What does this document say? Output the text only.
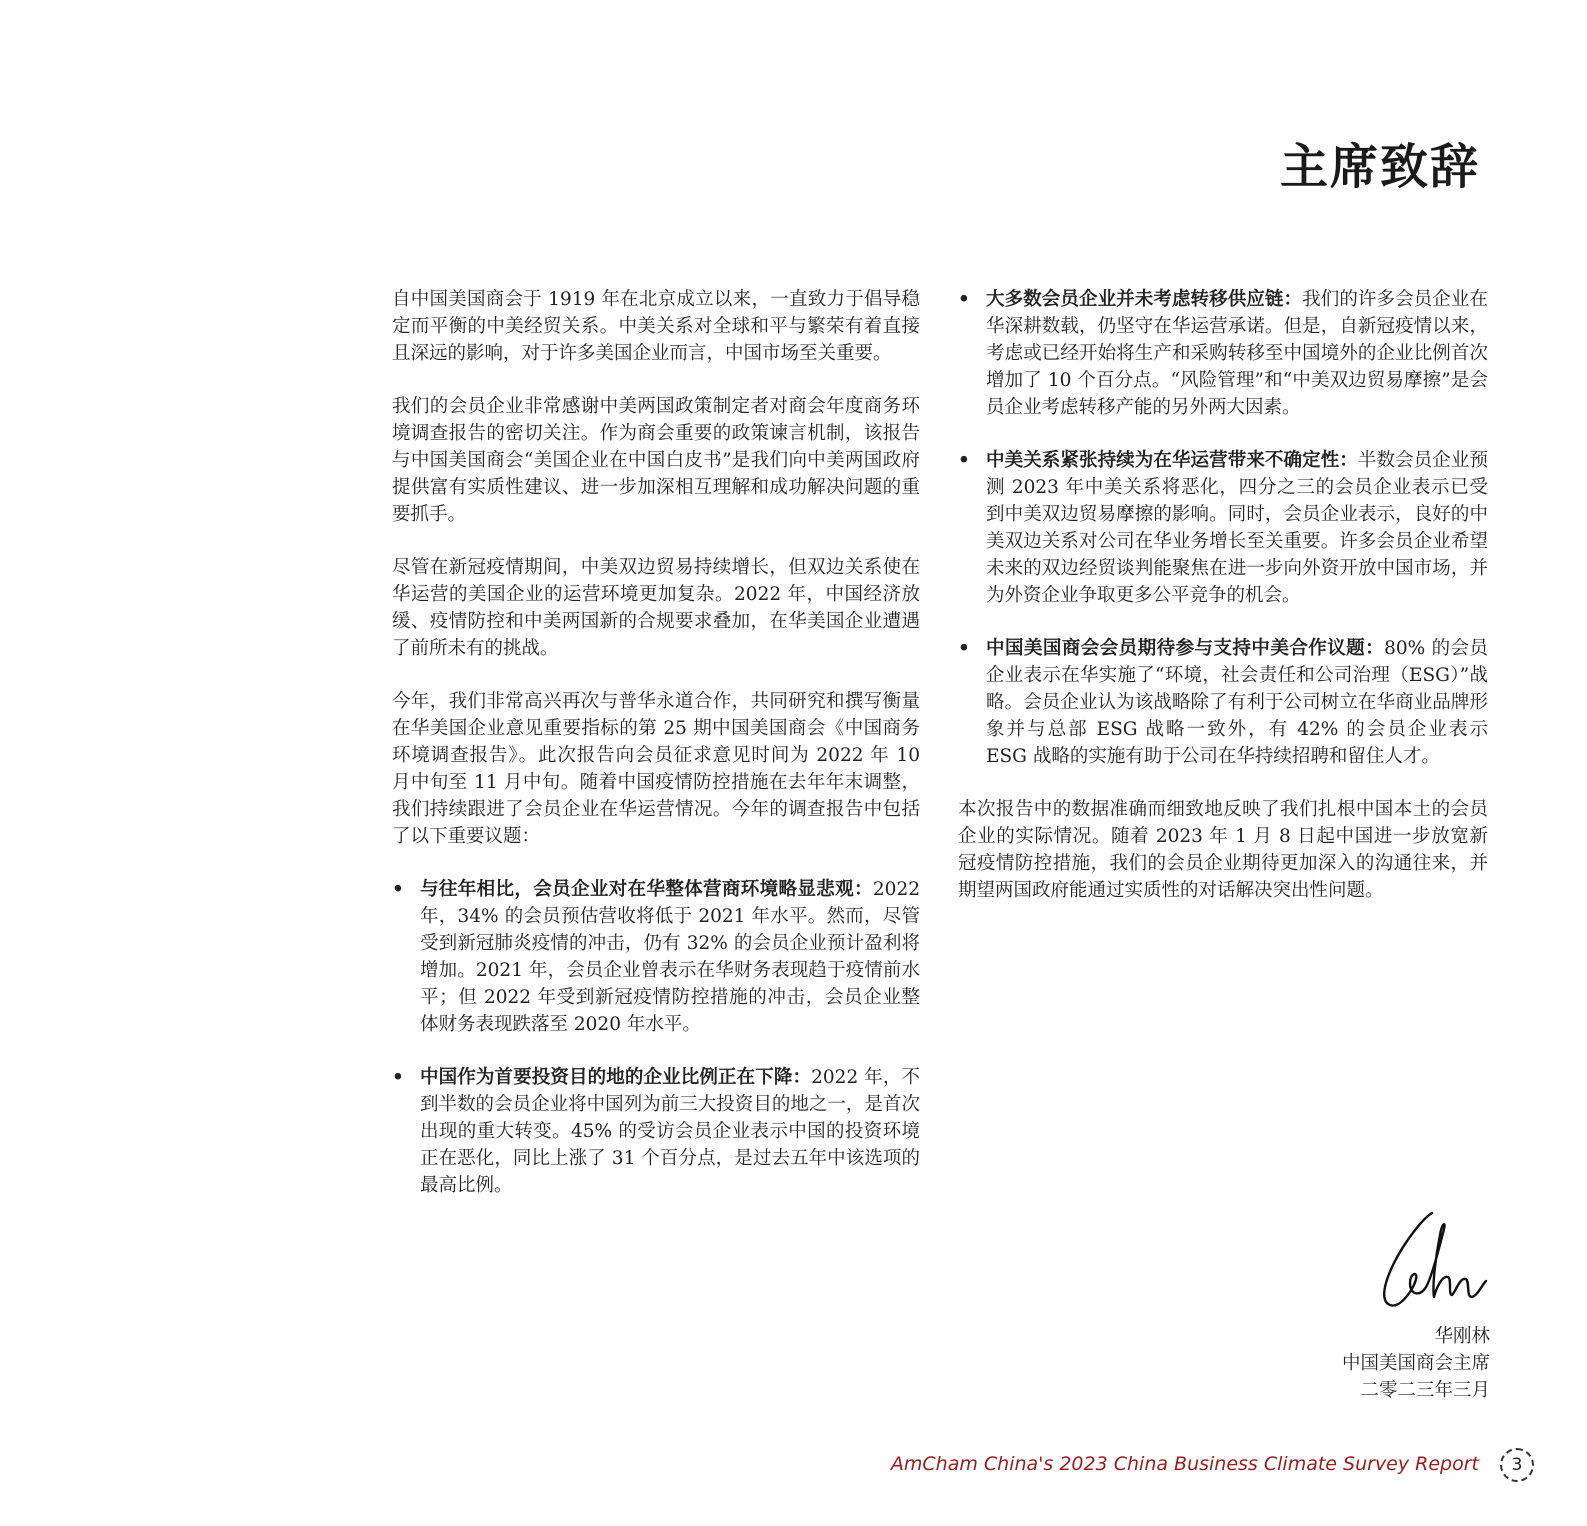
主席致辞

自中国美国商会于 1919 年在北京成立以来，一直致力于倡导稳定而平衡的中美经贸关系。中美关系对全球和平与繁荣有着直接且深远的影响，对于许多美国企业而言，中国市场至关重要。

我们的会员企业非常感谢中美两国政策制定者对商会年度商务环境调查报告的密切关注。作为商会重要的政策谏言机制，该报告与中国美国商会“美国企业在中国白皮书”是我们向中美两国政府提供富有实质性建议、进一步加深相互理解和成功解决问题的重要抓手。

尽管在新冠疫情期间，中美双边贸易持续增长，但双边关系使在华运营的美国企业的运营环境更加复杂。2022 年，中国经济放缓、疫情防控和中美两国新的合规要求叠加，在华美国企业遭遇了前所未有的挑战。

今年，我们非常高兴再次与普华永道合作，共同研究和撰写衡量在华美国企业意见重要指标的第 25 期中国美国商会《中国商务环境调查报告》。此次报告向会员征求意见时间为 2022 年 10 月中旬至 11 月中旬。随着中国疫情防控措施在去年年末调整，我们持续跟进了会员企业在华运营情况。今年的调查报告中包括了以下重要议题：

• 与往年相比，会员企业对在华整体营商环境略显悲观：2022 年，34% 的会员预估营收将低于 2021 年水平。然而，尽管受到新冠肺炎疫情的冲击，仍有 32% 的会员企业预计盈利将增加。2021 年，会员企业曾表示在华财务表现趋于疫情前水平；但 2022 年受到新冠疫情防控措施的冲击，会员企业整体财务表现跌落至 2020 年水平。
• 中国作为首要投资目的地的企业比例正在下降：2022 年，不到半数的会员企业将中国列为前三大投资目的地之一，是首次出现的重大转变。45% 的受访会员企业表示中国的投资环境正在恶化，同比上涨了 31 个百分点，是过去五年中该选项的最高比例。
• 大多数会员企业并未考虑转移供应链：我们的许多会员企业在华深耕数载，仍坚守在华运营承诺。但是，自新冠疫情以来，考虑或已经开始将生产和采购转移至中国境外的企业比例首次增加了 10 个百分点。“风险管理”和“中美双边贸易摩擦”是会员企业考虑转移产能的另外两大因素。
• 中美关系紧张持续为在华运营带来不确定性：半数会员企业预测 2023 年中美关系将恶化，四分之三的会员企业表示已受到中美双边贸易摩擦的影响。同时，会员企业表示，良好的中美双边关系对公司在华业务增长至关重要。许多会员企业希望未来的双边经贸谈判能聚焦在进一步向外资开放中国市场，并为外资企业争取更多公平竞争的机会。
• 中国美国商会会员期待参与支持中美合作议题：80% 的会员企业表示在华实施了“环境，社会责任和公司治理（ESG）”战略。会员企业认为该战略除了有利于公司树立在华商业品牌形象并与总部 ESG 战略一致外，有 42% 的会员企业表示 ESG 战略的实施有助于公司在华持续招聘和留住人才。

本次报告中的数据准确而细致地反映了我们扎根中国本土的会员企业的实际情况。随着 2023 年 1 月 8 日起中国进一步放宽新冠疫情防控措施，我们的会员企业期待更加深入的沟通往来，并期望两国政府能通过实质性的对话解决突出性问题。

华刚林
中国美国商会主席
二零二三年三月
AmCham China's 2023 China Business Climate Survey Report	3
